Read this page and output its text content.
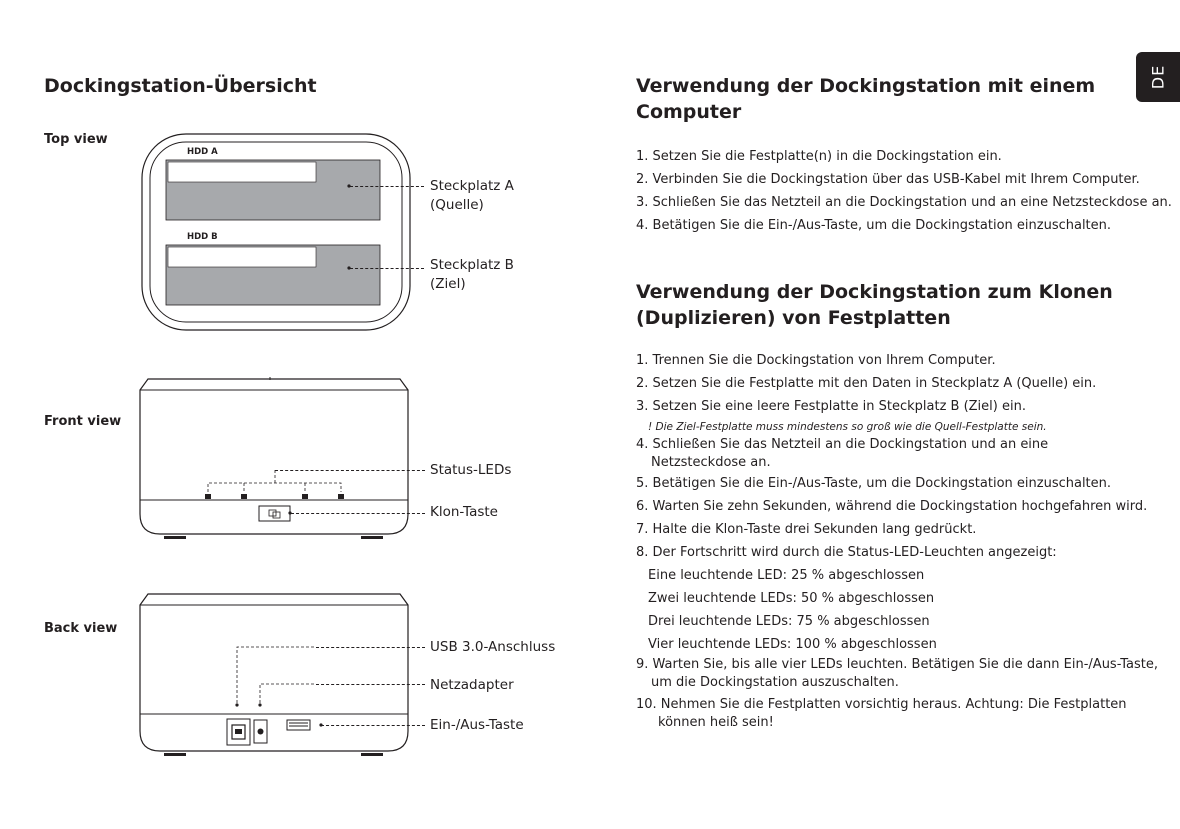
Dockingstation-Übersicht
Top view
HDD A
HDD B
Steckplatz A
(Quelle)
Steckplatz B
(Ziel)
Front view
Status-LEDs
Klon-Taste
Back view
USB 3.0-Anschluss
Netzadapter
Ein-/Aus-Taste
DE
Verwendung der Dockingstation mit einem
Computer
1. Setzen Sie die Festplatte(n) in die Dockingstation ein.
2. Verbinden Sie die Dockingstation über das USB-Kabel mit Ihrem Computer.
3. Schließen Sie das Netzteil an die Dockingstation und an eine Netzsteckdose an.
4. Betätigen Sie die Ein-/Aus-Taste, um die Dockingstation einzuschalten.
Verwendung der Dockingstation zum Klonen
(Duplizieren) von Festplatten
1. Trennen Sie die Dockingstation von Ihrem Computer.
2. Setzen Sie die Festplatte mit den Daten in Steckplatz A (Quelle) ein.
3. Setzen Sie eine leere Festplatte in Steckplatz B (Ziel) ein.
! Die Ziel-Festplatte muss mindestens so groß wie die Quell-Festplatte sein.
4. Schließen Sie das Netzteil an die Dockingstation und an eine
Netzsteckdose an.
5. Betätigen Sie die Ein-/Aus-Taste, um die Dockingstation einzuschalten.
6. Warten Sie zehn Sekunden, während die Dockingstation hochgefahren wird.
7. Halte die Klon-Taste drei Sekunden lang gedrückt.
8. Der Fortschritt wird durch die Status-LED-Leuchten angezeigt:
Eine leuchtende LED: 25 % abgeschlossen
Zwei leuchtende LEDs: 50 % abgeschlossen
Drei leuchtende LEDs: 75 % abgeschlossen
Vier leuchtende LEDs: 100 % abgeschlossen
9. Warten Sie, bis alle vier LEDs leuchten. Betätigen Sie die dann Ein-/Aus-Taste,
um die Dockingstation auszuschalten.
10. Nehmen Sie die Festplatten vorsichtig heraus. Achtung: Die Festplatten
können heiß sein!
